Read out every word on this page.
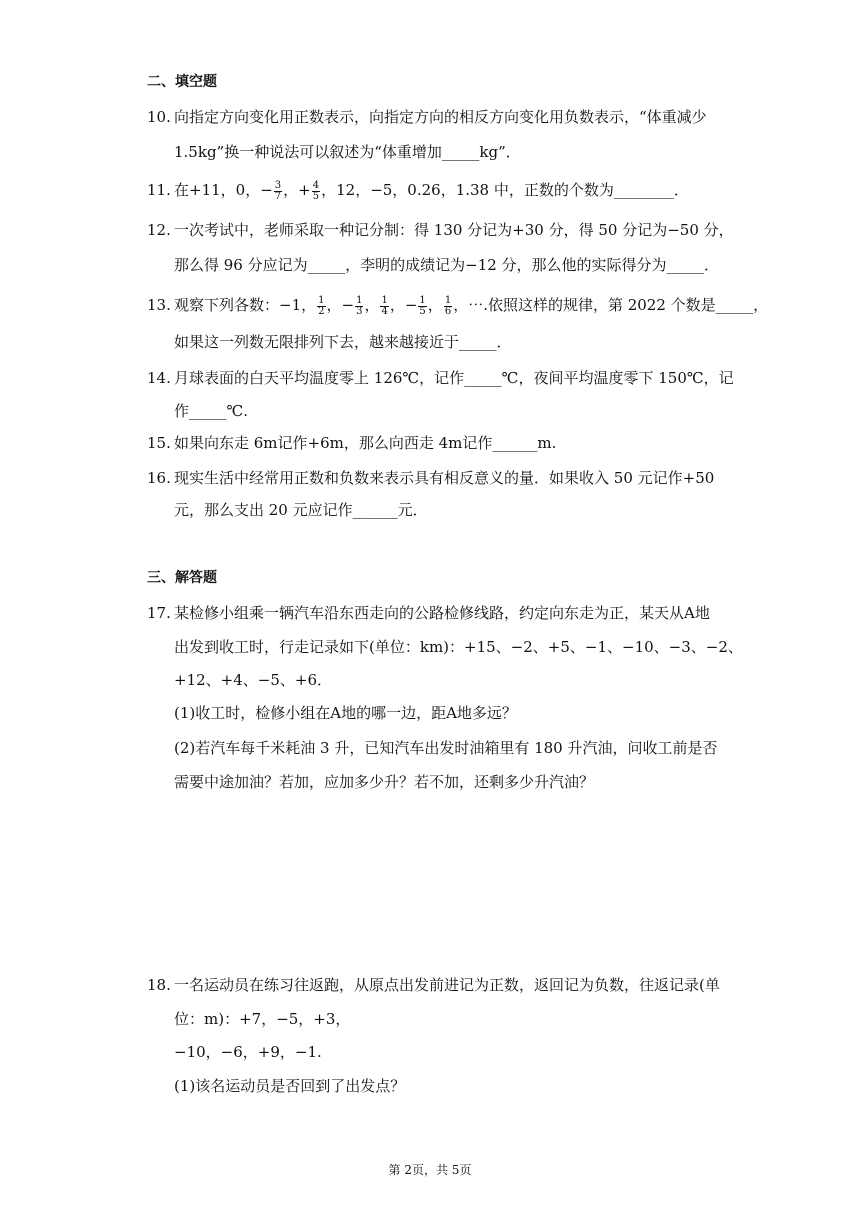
二、填空题
10. 向指定方向变化用正数表示，向指定方向的相反方向变化用负数表示，“体重减少
1.5kg”换一种说法可以叙述为“体重增加_____kg”．
11. 在+11，0，− $\frac{3}{7}$ ，+ $\frac{4}{5}$ ，12，−5，0.26，1.38 中，正数的个数为________．
12. 一次考试中，老师采取一种记分制：得 130 分记为+30 分，得 50 分记为−50 分，
那么得 96 分应记为_____，李明的成绩记为−12 分，那么他的实际得分为_____．
13. 观察下列各数：−1， $\frac{1}{2}$ ，− $\frac{1}{3}$ ， $\frac{1}{4}$ ，− $\frac{1}{5}$ ， $\frac{1}{6}$ ，⋯.依照这样的规律，第 2022 个数是_____，
如果这一列数无限排列下去，越来越接近于_____．
14. 月球表面的白天平均温度零上 126℃，记作_____℃，夜间平均温度零下 150℃，记
作_____℃.
15. 如果向东走 6m记作+6m，那么向西走 4m记作______m.
16. 现实生活中经常用正数和负数来表示具有相反意义的量．如果收入 50 元记作+50
元，那么支出 20 元应记作______元．
三、解答题
17. 某检修小组乘一辆汽车沿东西走向的公路检修线路，约定向东走为正，某天从A地
出发到收工时，行走记录如下(单位：km)：+15、−2、+5、−1、−10、−3、−2、
+12、+4、−5、+6．
(1)收工时，检修小组在A地的哪一边，距A地多远？
(2)若汽车每千米耗油 3 升，已知汽车出发时油箱里有 180 升汽油，问收工前是否
需要中途加油？若加，应加多少升？若不加，还剩多少升汽油？
18. 一名运动员在练习往返跑，从原点出发前进记为正数，返回记为负数，往返记录(单
位：m)：+7，−5，+3，
−10，−6，+9，−1.
(1)该名运动员是否回到了出发点？
第 2页，共 5页
